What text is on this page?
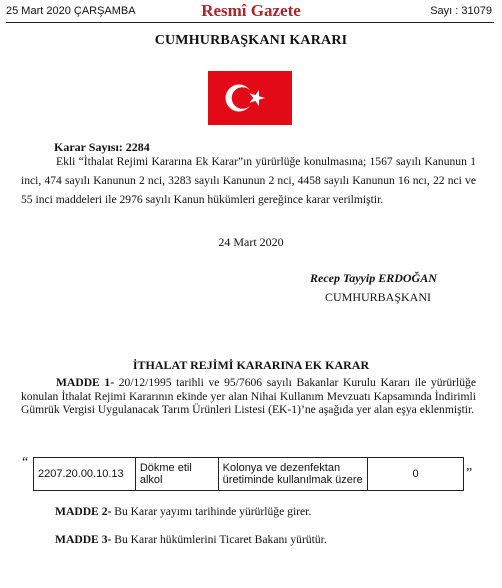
Resmî Gazete
25 Mart 2020 ÇARŞAMBA	Sayı : 31079
CUMHURBAŞKANI KARARI
Karar Sayısı: 2284
Ekli “İthalat Rejimi Kararına Ek Karar”ın yürürlüğe konulmasına; 1567 sayılı Kanunun 1 inci, 474 sayılı Kanunun 2 nci, 3283 sayılı Kanunun 2 nci, 4458 sayılı Kanunun 16 ncı, 22 nci ve 55 inci maddeleri ile 2976 sayılı Kanun hükümleri gereğince karar verilmiştir.
24 Mart 2020
Recep Tayyip ERDOĞAN
CUMHURBAŞKANI
İTHALAT REJİMİ KARARINA EK KARAR
MADDE 1- 20/12/1995 tarihli ve 95/7606 sayılı Bakanlar Kurulu Kararı ile yürürlüğe konulan İthalat Rejimi Kararının ekinde yer alan Nihai Kullanım Mevzuatı Kapsamında İndirimli Gümrük Vergisi Uygulanacak Tarım Ürünleri Listesi (EK-1)’ne aşağıda yer alan eşya eklenmiştir.
“
2207.20.00.10.13	Dökme etil alkol	Kolonya ve dezenfektan üretiminde kullanılmak üzere	0	”
MADDE 2- Bu Karar yayımı tarihinde yürürlüğe girer.
MADDE 3- Bu Karar hükümlerini Ticaret Bakanı yürütür.
